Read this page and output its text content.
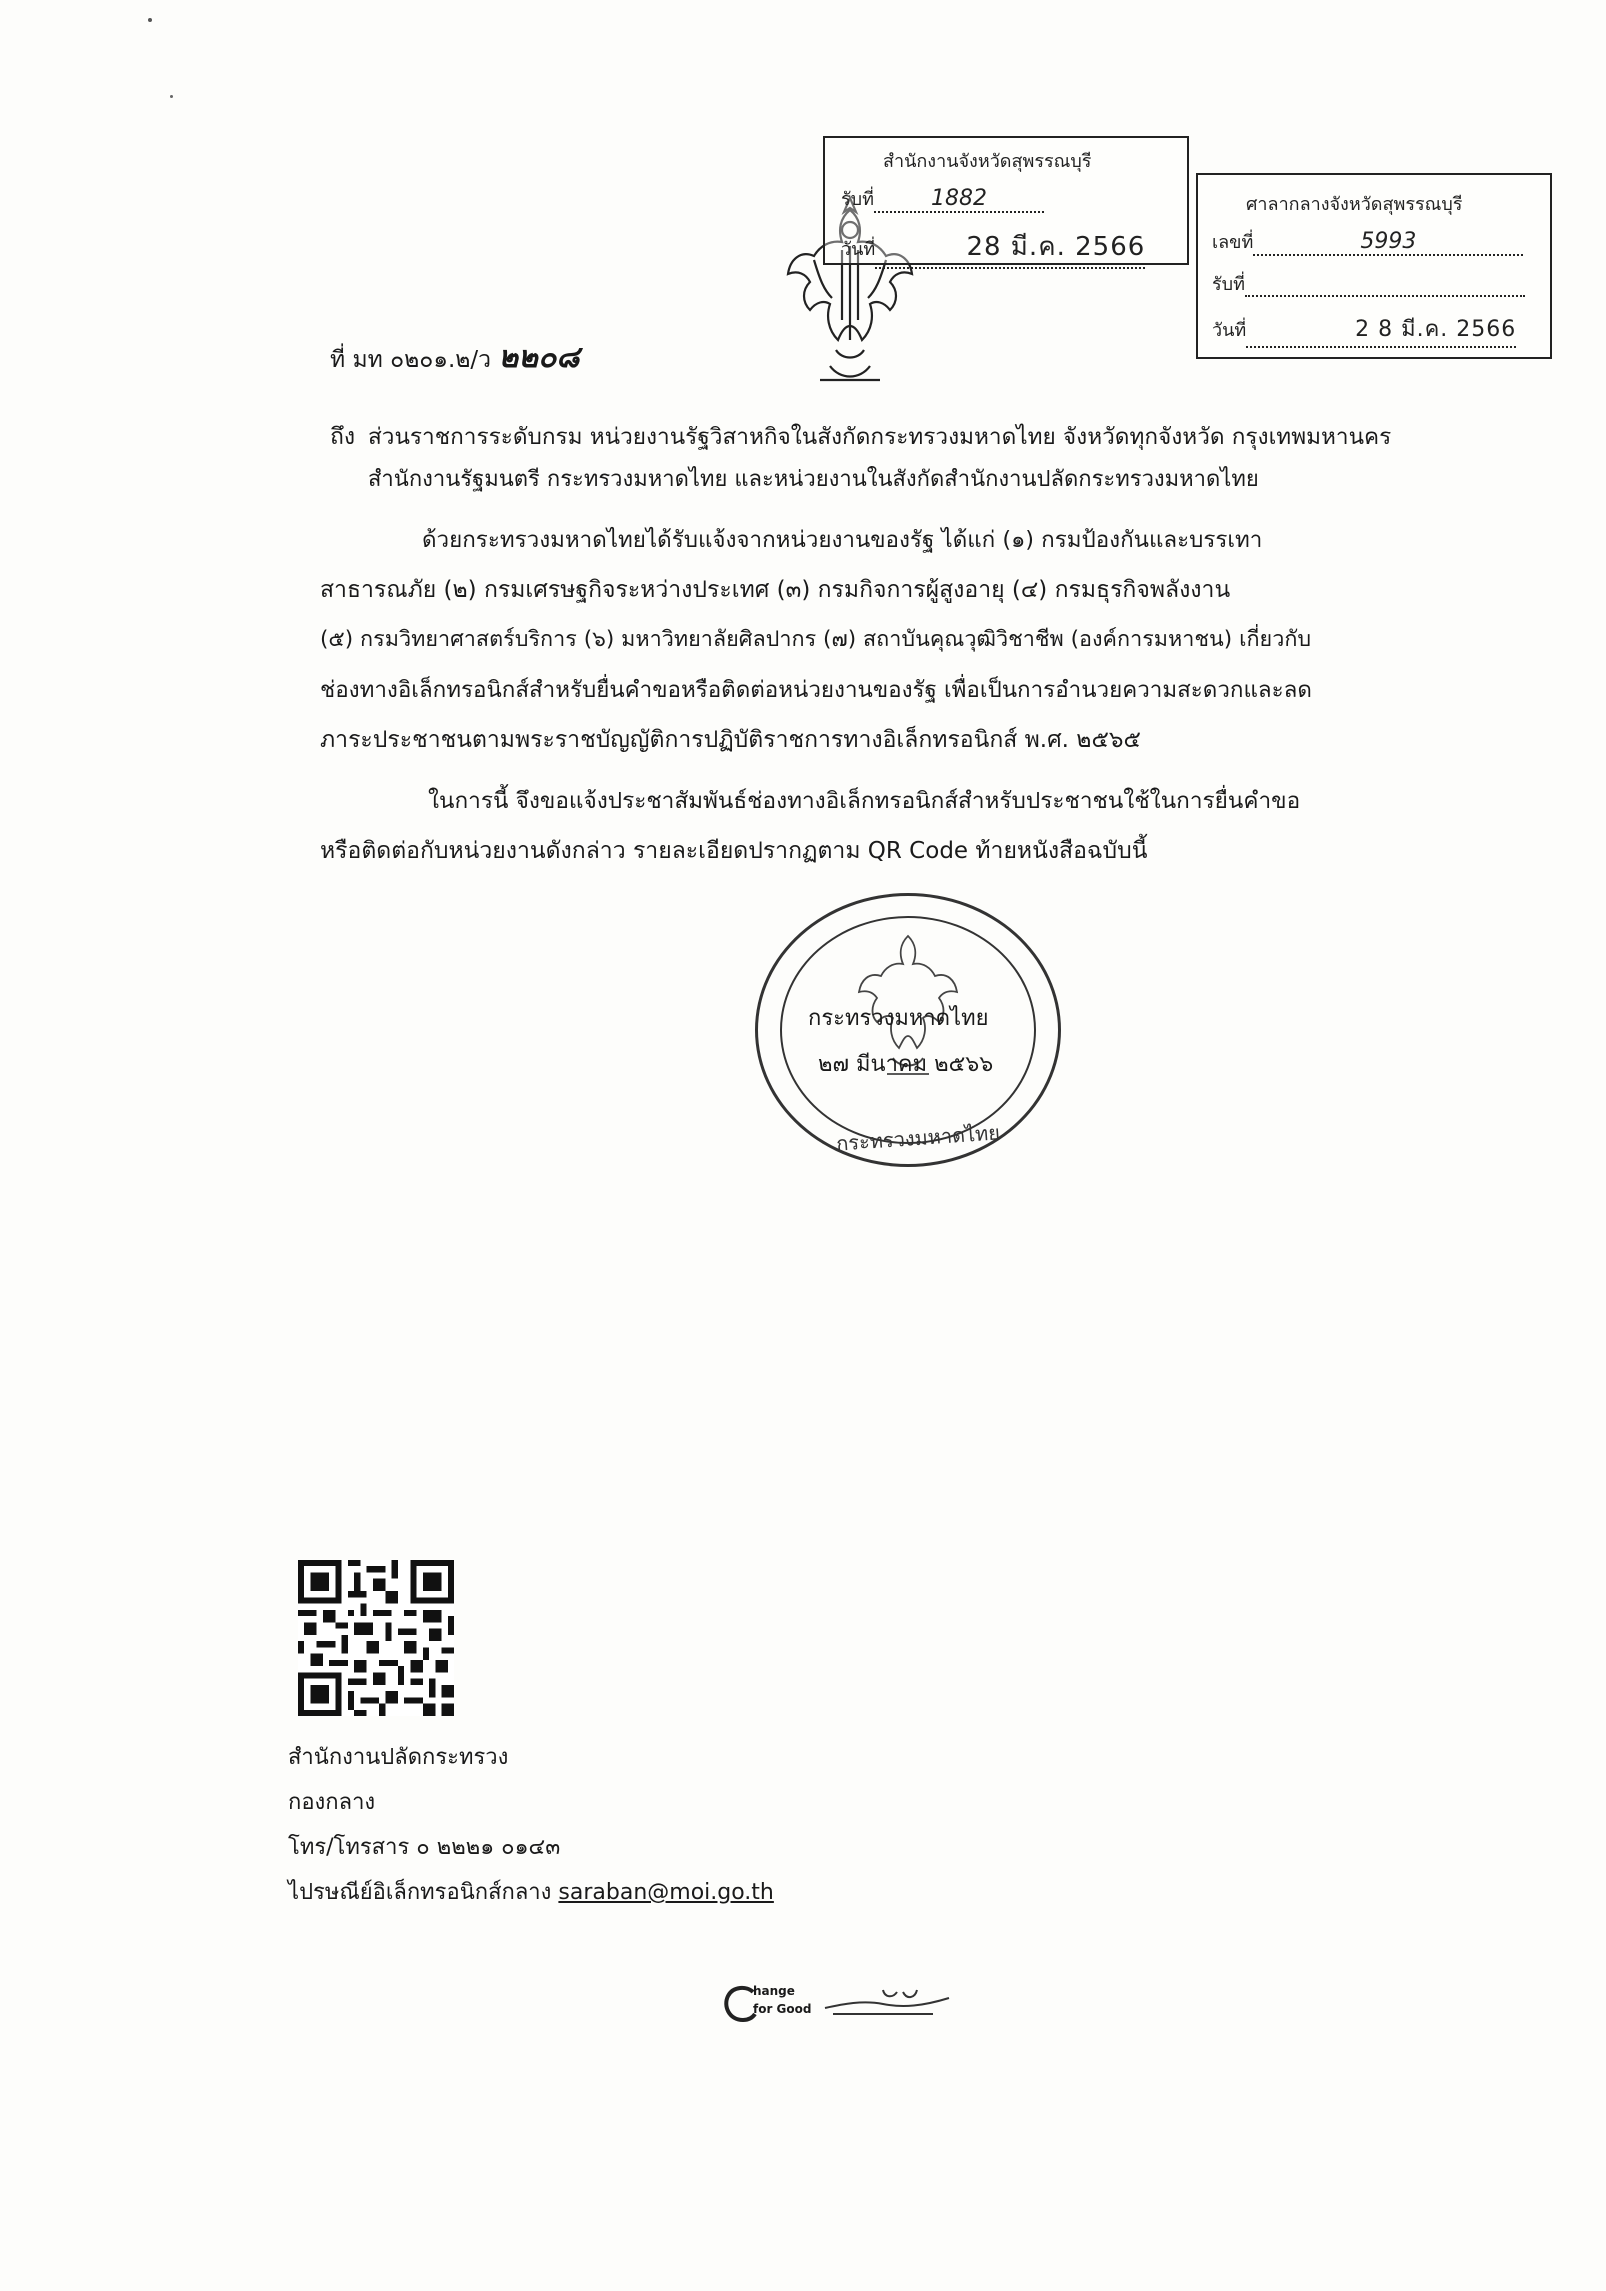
สำนักงานจังหวัดสุพรรณบุรี
รับที่	1882
วันที่	28 มี.ค. 2566
ศาลากลางจังหวัดสุพรรณบุรี
เลขที่	5993
รับที่
วันที่	2 8 มี.ค. 2566
ที่ มท ๐๒๐๑.๒/ว ๒๒๐๘
ถึง ส่วนราชการระดับกรม หน่วยงานรัฐวิสาหกิจในสังกัดกระทรวงมหาดไทย จังหวัดทุกจังหวัด กรุงเทพมหานคร
สำนักงานรัฐมนตรี กระทรวงมหาดไทย และหน่วยงานในสังกัดสำนักงานปลัดกระทรวงมหาดไทย
ด้วยกระทรวงมหาดไทยได้รับแจ้งจากหน่วยงานของรัฐ ได้แก่ (๑) กรมป้องกันและบรรเทา
สาธารณภัย (๒) กรมเศรษฐกิจระหว่างประเทศ (๓) กรมกิจการผู้สูงอายุ (๔) กรมธุรกิจพลังงาน
(๕) กรมวิทยาศาสตร์บริการ (๖) มหาวิทยาลัยศิลปากร (๗) สถาบันคุณวุฒิวิชาชีพ (องค์การมหาชน) เกี่ยวกับ
ช่องทางอิเล็กทรอนิกส์สำหรับยื่นคำขอหรือติดต่อหน่วยงานของรัฐ เพื่อเป็นการอำนวยความสะดวกและลด
ภาระประชาชนตามพระราชบัญญัติการปฏิบัติราชการทางอิเล็กทรอนิกส์ พ.ศ. ๒๕๖๕
ในการนี้ จึงขอแจ้งประชาสัมพันธ์ช่องทางอิเล็กทรอนิกส์สำหรับประชาชนใช้ในการยื่นคำขอ
หรือติดต่อกับหน่วยงานดังกล่าว รายละเอียดปรากฏตาม QR Code ท้ายหนังสือฉบับนี้
กระทรวงมหาดไทย
๒๗ มีนาคม ๒๕๖๖
กระทรวงมหาดไทย
สำนักงานปลัดกระทรวง
กองกลาง
โทร/โทรสาร ๐ ๒๒๒๑ ๐๑๔๓
ไปรษณีย์อิเล็กทรอนิกส์กลาง saraban@moi.go.th
hange
for Good
